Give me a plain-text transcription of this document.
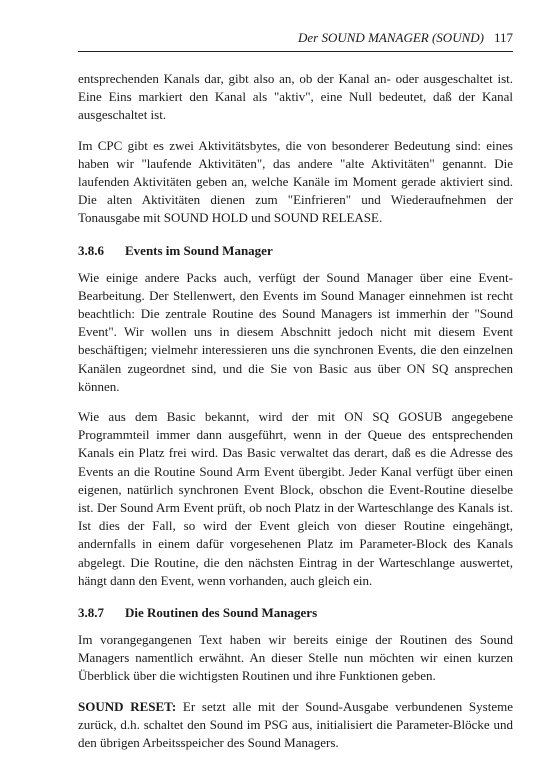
Der SOUND MANAGER (SOUND) 117

entsprechenden Kanals dar, gibt also an, ob der Kanal an- oder ausgeschaltet ist. Eine Eins markiert den Kanal als "aktiv", eine Null bedeutet, daß der Kanal ausgeschaltet ist.

Im CPC gibt es zwei Aktivitätsbytes, die von besonderer Bedeutung sind: eines haben wir "laufende Aktivitäten", das andere "alte Aktivitäten" genannt. Die laufenden Aktivitäten geben an, welche Kanäle im Moment gerade aktiviert sind. Die alten Aktivitäten dienen zum "Einfrieren" und Wiederaufnehmen der Tonausgabe mit SOUND HOLD und SOUND RELEASE.

3.8.6 Events im Sound Manager

Wie einige andere Packs auch, verfügt der Sound Manager über eine Event-Bearbeitung. Der Stellenwert, den Events im Sound Manager einnehmen ist recht beachtlich: Die zentrale Routine des Sound Managers ist immerhin der "Sound Event". Wir wollen uns in diesem Abschnitt jedoch nicht mit diesem Event beschäftigen; vielmehr interessieren uns die synchronen Events, die den einzelnen Kanälen zugeordnet sind, und die Sie von Basic aus über ON SQ ansprechen können.

Wie aus dem Basic bekannt, wird der mit ON SQ GOSUB angegebene Programmteil immer dann ausgeführt, wenn in der Queue des entsprechenden Kanals ein Platz frei wird. Das Basic verwaltet das derart, daß es die Adresse des Events an die Routine Sound Arm Event übergibt. Jeder Kanal verfügt über einen eigenen, natürlich synchronen Event Block, obschon die Event-Routine dieselbe ist. Der Sound Arm Event prüft, ob noch Platz in der Warteschlange des Kanals ist. Ist dies der Fall, so wird der Event gleich von dieser Routine eingehängt, andernfalls in einem dafür vorgesehenen Platz im Parameter-Block des Kanals abgelegt. Die Routine, die den nächsten Eintrag in der Warteschlange auswertet, hängt dann den Event, wenn vorhanden, auch gleich ein.

3.8.7 Die Routinen des Sound Managers

Im vorangegangenen Text haben wir bereits einige der Routinen des Sound Managers namentlich erwähnt. An dieser Stelle nun möchten wir einen kurzen Überblick über die wichtigsten Routinen und ihre Funktionen geben.

SOUND RESET: Er setzt alle mit der Sound-Ausgabe verbundenen Systeme zurück, d.h. schaltet den Sound im PSG aus, initialisiert die Parameter-Blöcke und den übrigen Arbeitsspeicher des Sound Managers.
